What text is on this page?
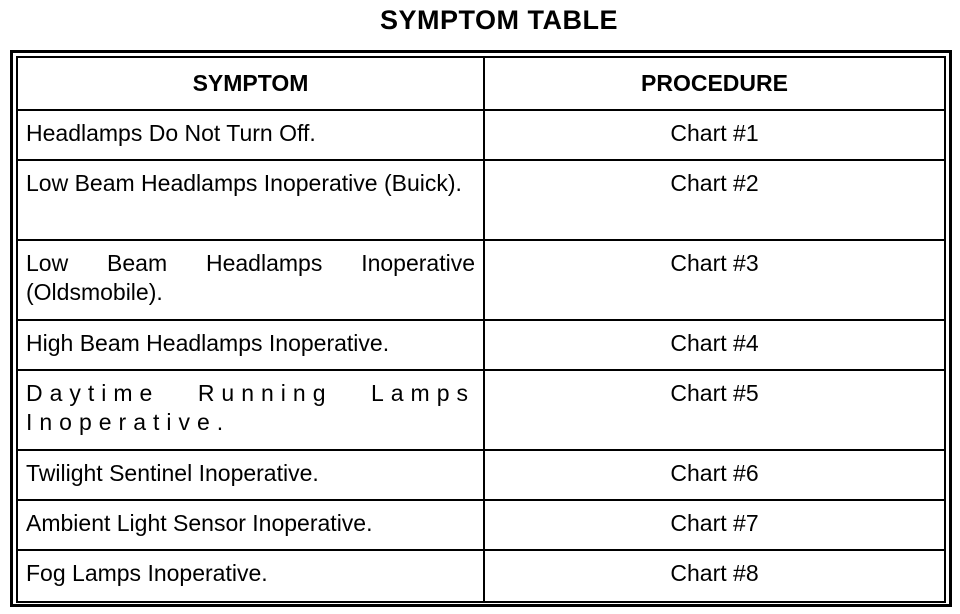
SYMPTOM TABLE
SYMPTOM	PROCEDURE
Headlamps Do Not Turn Off.	Chart #1
Low Beam Headlamps Inoperative (Buick).	Chart #2
Low Beam Headlamps Inoperative (Oldsmobile).	Chart #3
High Beam Headlamps Inoperative.	Chart #4
Daytime Running Lamps Inoperative.	Chart #5
Twilight Sentinel Inoperative.	Chart #6
Ambient Light Sensor Inoperative.	Chart #7
Fog Lamps Inoperative.	Chart #8
